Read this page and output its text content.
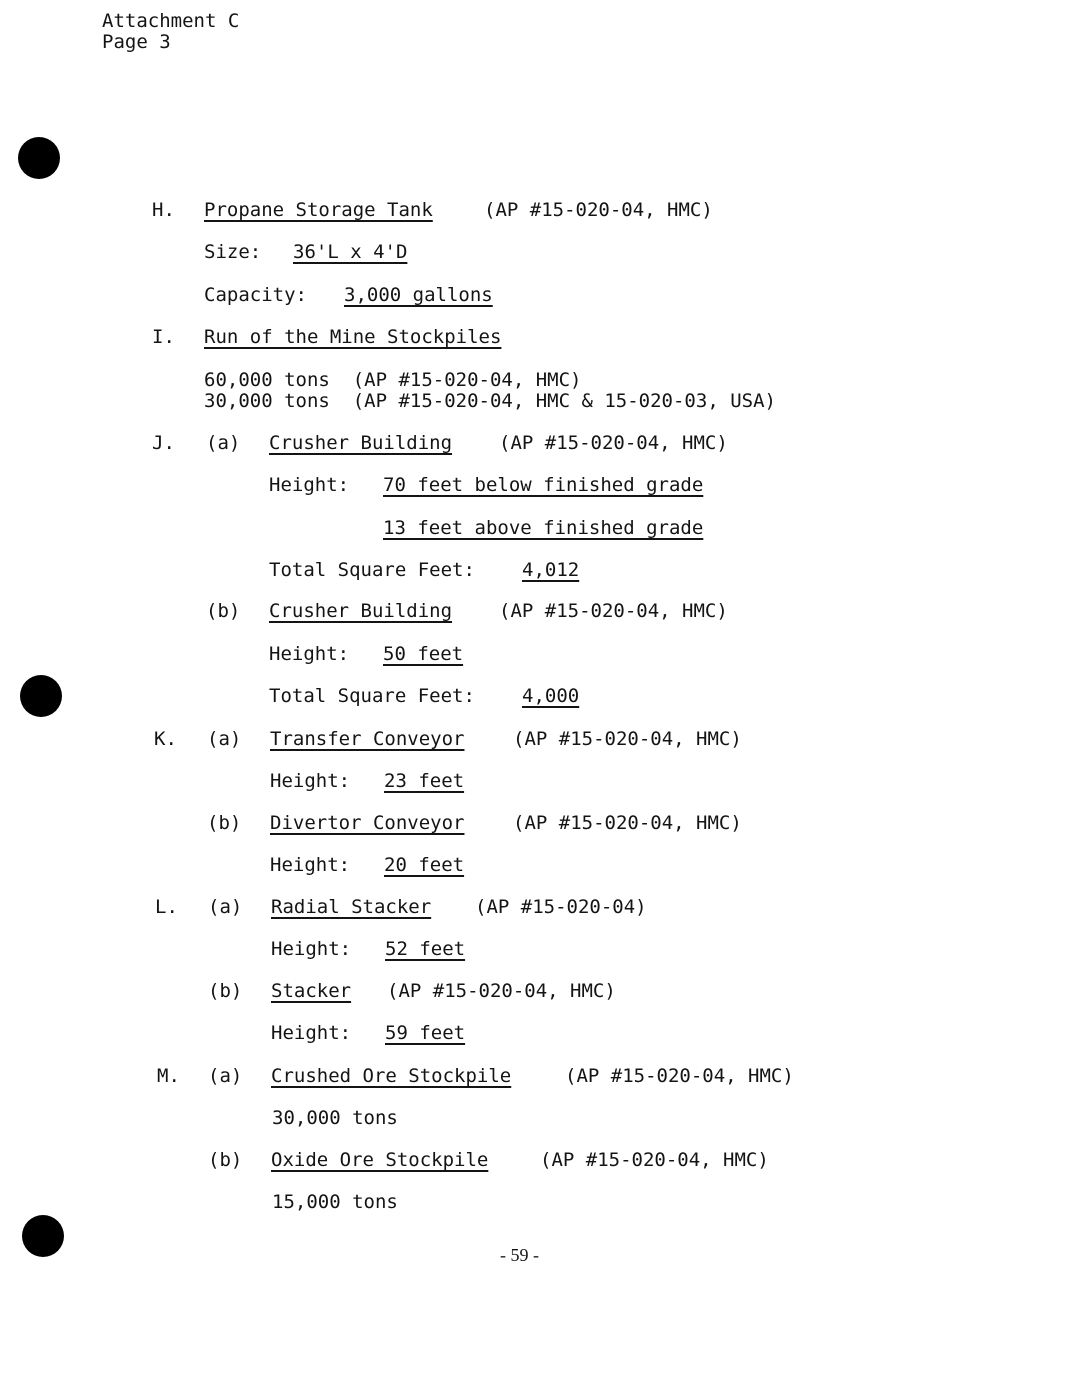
Attachment C
Page 3
H. Propane Storage Tank	(AP #15-020-04, HMC)
Size: 36'L x 4'D
Capacity: 3,000 gallons
I. Run of the Mine Stockpiles
60,000 tons  (AP #15-020-04, HMC)
30,000 tons  (AP #15-020-04, HMC & 15-020-03, USA)
J. (a) Crusher Building (AP #15-020-04, HMC)
Height: 70 feet below finished grade
13 feet above finished grade
Total Square Feet: 4,012
(b) Crusher Building (AP #15-020-04, HMC)
Height: 50 feet
Total Square Feet: 4,000
K. (a) Transfer Conveyor	(AP #15-020-04, HMC)
Height: 23 feet
(b) Divertor Conveyor	(AP #15-020-04, HMC)
Height: 20 feet
L. (a) Radial Stacker (AP #15-020-04)
Height: 52 feet
(b) Stacker (AP #15-020-04, HMC)
Height: 59 feet
M. (a) Crushed Ore Stockpile	(AP #15-020-04, HMC)
30,000 tons
(b) Oxide Ore Stockpile	(AP #15-020-04, HMC)
15,000 tons
- 59 -
